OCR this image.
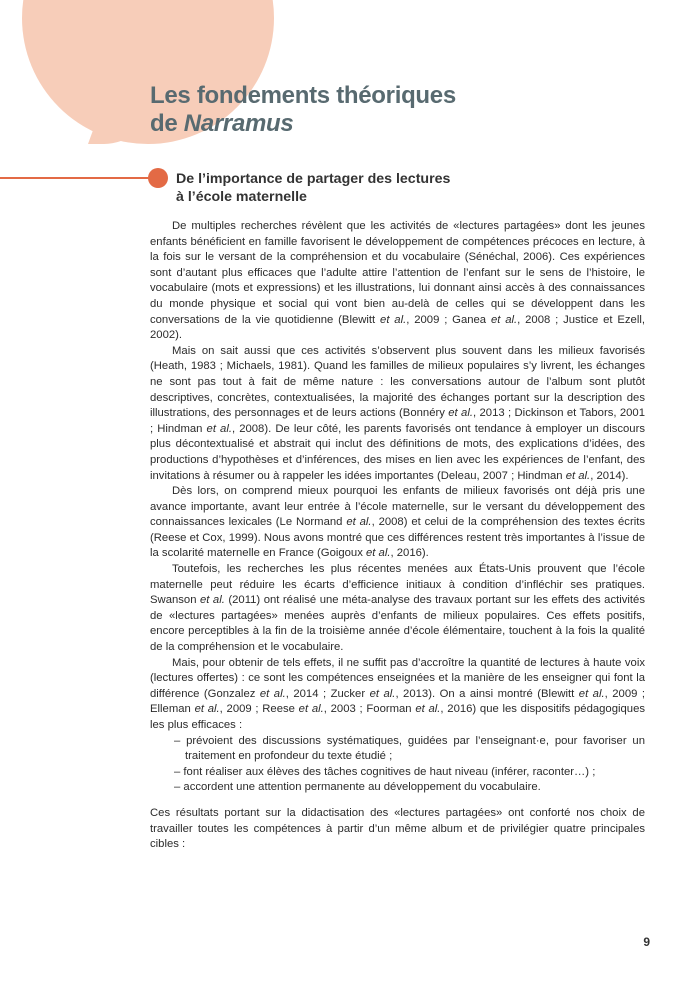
Les fondements théoriques
de Narramus
De l’importance de partager des lectures
à l’école maternelle

De multiples recherches révèlent que les activités de «lectures partagées» dont les jeunes enfants bénéficient en famille favorisent le développement de compétences précoces en lecture, à la fois sur le versant de la compréhension et du vocabulaire (Sénéchal, 2006). Ces expériences sont d’autant plus efficaces que l’adulte attire l’attention de l’enfant sur le sens de l’histoire, le vocabulaire (mots et expressions) et les illustrations, lui donnant ainsi accès à des connaissances du monde physique et social qui vont bien au-delà de celles qui se développent dans les conversations de la vie quotidienne (Blewitt et al., 2009 ; Ganea et al., 2008 ; Justice et Ezell, 2002).

Mais on sait aussi que ces activités s’observent plus souvent dans les milieux favorisés (Heath, 1983 ; Michaels, 1981). Quand les familles de milieux populaires s’y livrent, les échanges ne sont pas tout à fait de même nature : les conversations autour de l’album sont plutôt descriptives, concrètes, contextualisées, la majorité des échanges portant sur la description des illustrations, des personnages et de leurs actions (Bonnéry et al., 2013 ; Dickinson et Tabors, 2001 ; Hindman et al., 2008). De leur côté, les parents favorisés ont tendance à employer un discours plus décontextualisé et abstrait qui inclut des définitions de mots, des explications d’idées, des productions d’hypothèses et d’inférences, des mises en lien avec les expériences de l’enfant, des invitations à résumer ou à rappeler les idées importantes (Deleau, 2007 ; Hindman et al., 2014).

Dès lors, on comprend mieux pourquoi les enfants de milieux favorisés ont déjà pris une avance importante, avant leur entrée à l’école maternelle, sur le versant du développement des connaissances lexicales (Le Normand et al., 2008) et celui de la compréhension des textes écrits (Reese et Cox, 1999). Nous avons montré que ces différences restent très importantes à l’issue de la scolarité maternelle en France (Goigoux et al., 2016).

Toutefois, les recherches les plus récentes menées aux États-Unis prouvent que l’école maternelle peut réduire les écarts d’efficience initiaux à condition d’infléchir ses pratiques. Swanson et al. (2011) ont réalisé une méta-analyse des travaux portant sur les effets des activités de «lectures partagées» menées auprès d’enfants de milieux populaires. Ces effets positifs, encore perceptibles à la fin de la troisième année d’école élémentaire, touchent à la fois la qualité de la compréhension et le vocabulaire.

Mais, pour obtenir de tels effets, il ne suffit pas d’accroître la quantité de lectures à haute voix (lectures offertes) : ce sont les compétences enseignées et la manière de les enseigner qui font la différence (Gonzalez et al., 2014 ; Zucker et al., 2013). On a ainsi montré (Blewitt et al., 2009 ; Elleman et al., 2009 ; Reese et al., 2003 ; Foorman et al., 2016) que les dispositifs pédagogiques les plus efficaces :

– prévoient des discussions systématiques, guidées par l’enseignant·e, pour favoriser un traitement en profondeur du texte étudié ;
– font réaliser aux élèves des tâches cognitives de haut niveau (inférer, raconter…) ;
– accordent une attention permanente au développement du vocabulaire.

Ces résultats portant sur la didactisation des «lectures partagées» ont conforté nos choix de travailler toutes les compétences à partir d’un même album et de privilégier quatre principales cibles :

9
